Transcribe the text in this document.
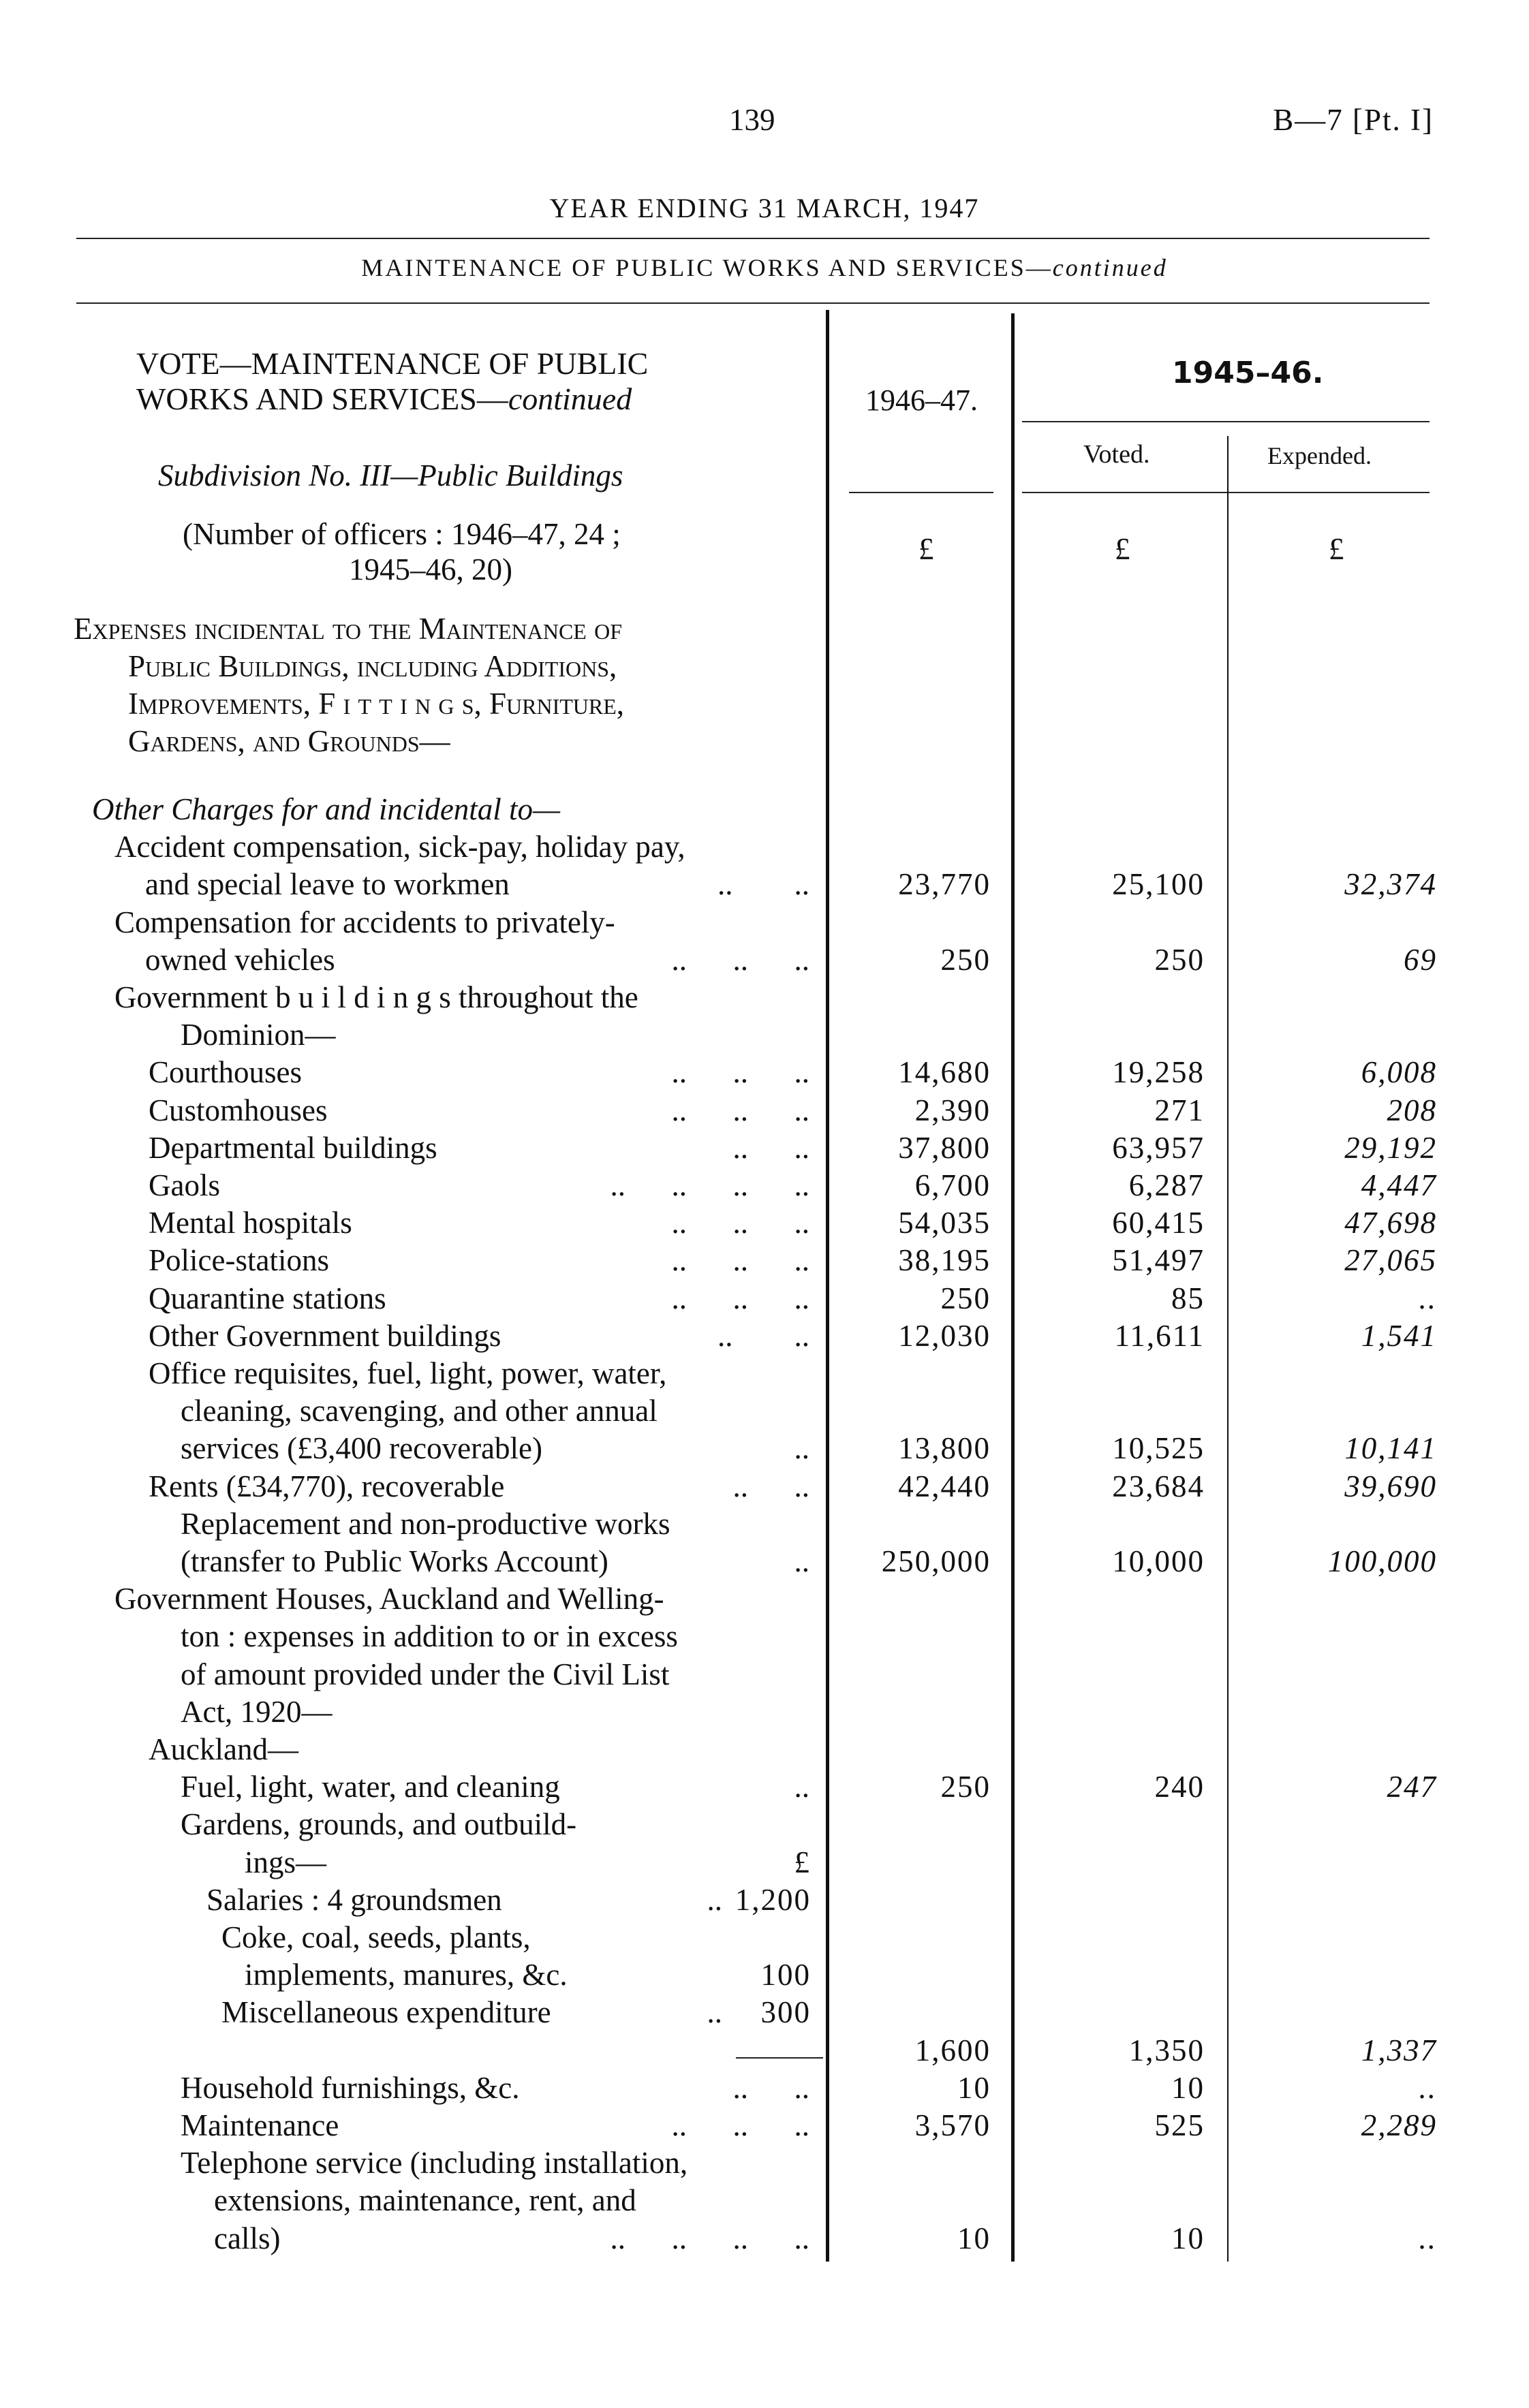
139	B—7 [Pt. I]
YEAR ENDING 31 MARCH, 1947
MAINTENANCE OF PUBLIC WORKS AND SERVICES—continued
VOTE—MAINTENANCE OF PUBLIC
WORKS AND SERVICES—continued
Subdivision No. III—Public Buildings
(Number of officers : 1946–47, 24 ;
1945–46, 20)
Expenses incidental to the Maintenance of
Public Buildings, including Additions,
Improvements, F i t t i n g s, Furniture,
Gardens, and Grounds—
1946–47.
1945–46.
Voted.	Expended.
£	£	£
Other Charges for and incidental to—
Accident compensation, sick-pay, holiday pay,
and special leave to workmen	..        ..	23,770	25,100	32,374
Compensation for accidents to privately-
owned vehicles	..      ..      ..	250	250	69
Government b u i l d i n g s throughout the
Dominion—
Courthouses	..      ..      ..	14,680	19,258	6,008
Customhouses	..      ..      ..	2,390	271	208
Departmental buildings	..      ..	37,800	63,957	29,192
Gaols	..      ..      ..      ..	6,700	6,287	4,447
Mental hospitals	..      ..      ..	54,035	60,415	47,698
Police-stations	..      ..      ..	38,195	51,497	27,065
Quarantine stations	..      ..      ..	250	85	..
Other Government buildings	..        ..	12,030	11,611	1,541
Office requisites, fuel, light, power, water,
cleaning, scavenging, and other annual
services (£3,400 recoverable)	..	13,800	10,525	10,141
Rents (£34,770), recoverable	..      ..	42,440	23,684	39,690
Replacement and non-productive works
(transfer to Public Works Account)	.. 250,000	10,000	100,000
Government Houses, Auckland and Welling-
ton : expenses in addition to or in excess
of amount provided under the Civil List
Act, 1920—
Auckland—
Fuel, light, water, and cleaning	..	250	240	247
Gardens, grounds, and outbuild-
ings—	£
Salaries : 4 groundsmen	.. 1,200
Coke, coal, seeds, plants,
implements, manures, &c.	100
Miscellaneous expenditure	.. 300
1,600	1,350	1,337
Household furnishings, &c.	..      ..	10	10	..
Maintenance	..      ..      ..	3,570	525	2,289
Telephone service (including installation,
extensions, maintenance, rent, and
calls)	..      ..      ..      ..	10	10	..
